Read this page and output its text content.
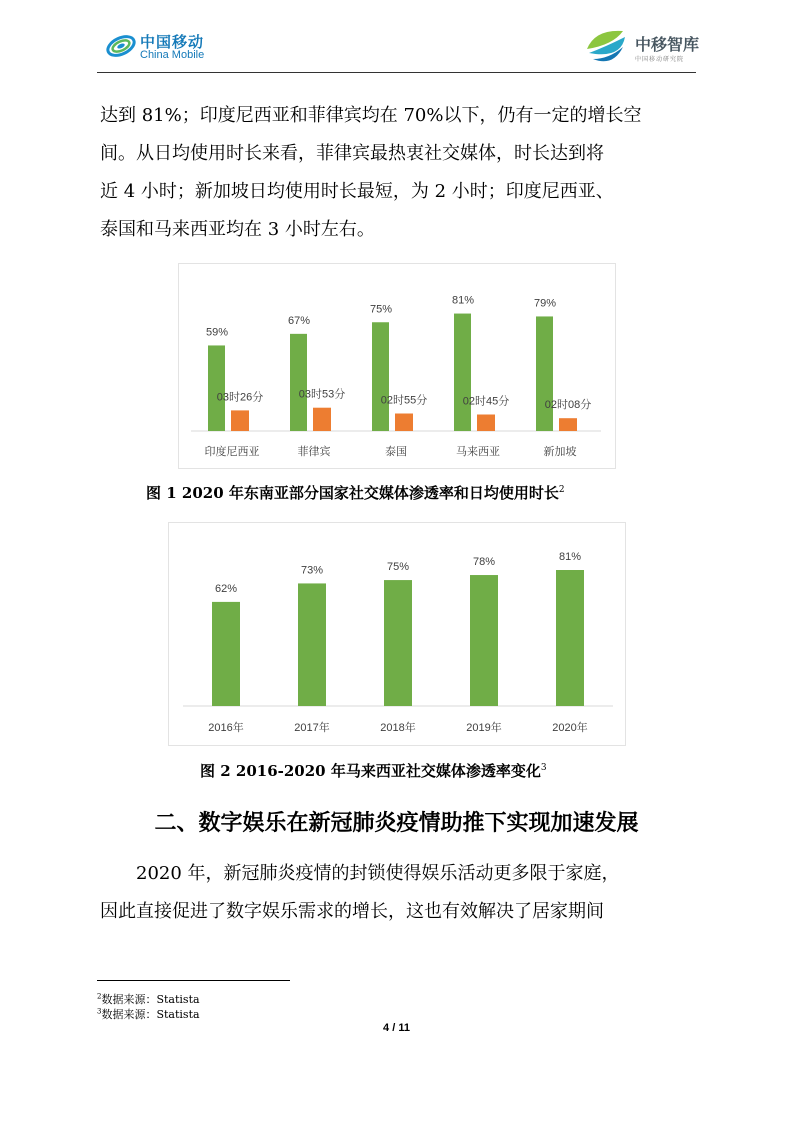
中国移动
China Mobile
中移智库
中国移动研究院
达到 81%；印度尼西亚和菲律宾均在 70%以下，仍有一定的增长空
间。从日均使用时长来看，菲律宾最热衷社交媒体，时长达到将
近 4 小时；新加坡日均使用时长最短，为 2 小时；印度尼西亚、
泰国和马来西亚均在 3 小时左右。
59%
03时26分
印度尼西亚
67%
03时53分
菲律宾
75%
02时55分
泰国
81%
02时45分
马来西亚
79%
02时08分
新加坡
图 1 2020 年东南亚部分国家社交媒体渗透率和日均使用时长$^2$
62%
2016年
73%
2017年
75%
2018年
78%
2019年
81%
2020年
图 2 2016-2020 年马来西亚社交媒体渗透率变化$^3$
二、数字娱乐在新冠肺炎疫情助推下实现加速发展
2020 年，新冠肺炎疫情的封锁使得娱乐活动更多限于家庭，
因此直接促进了数字娱乐需求的增长，这也有效解决了居家期间
$^2$数据来源：Statista
$^3$数据来源：Statista
4 / 11
